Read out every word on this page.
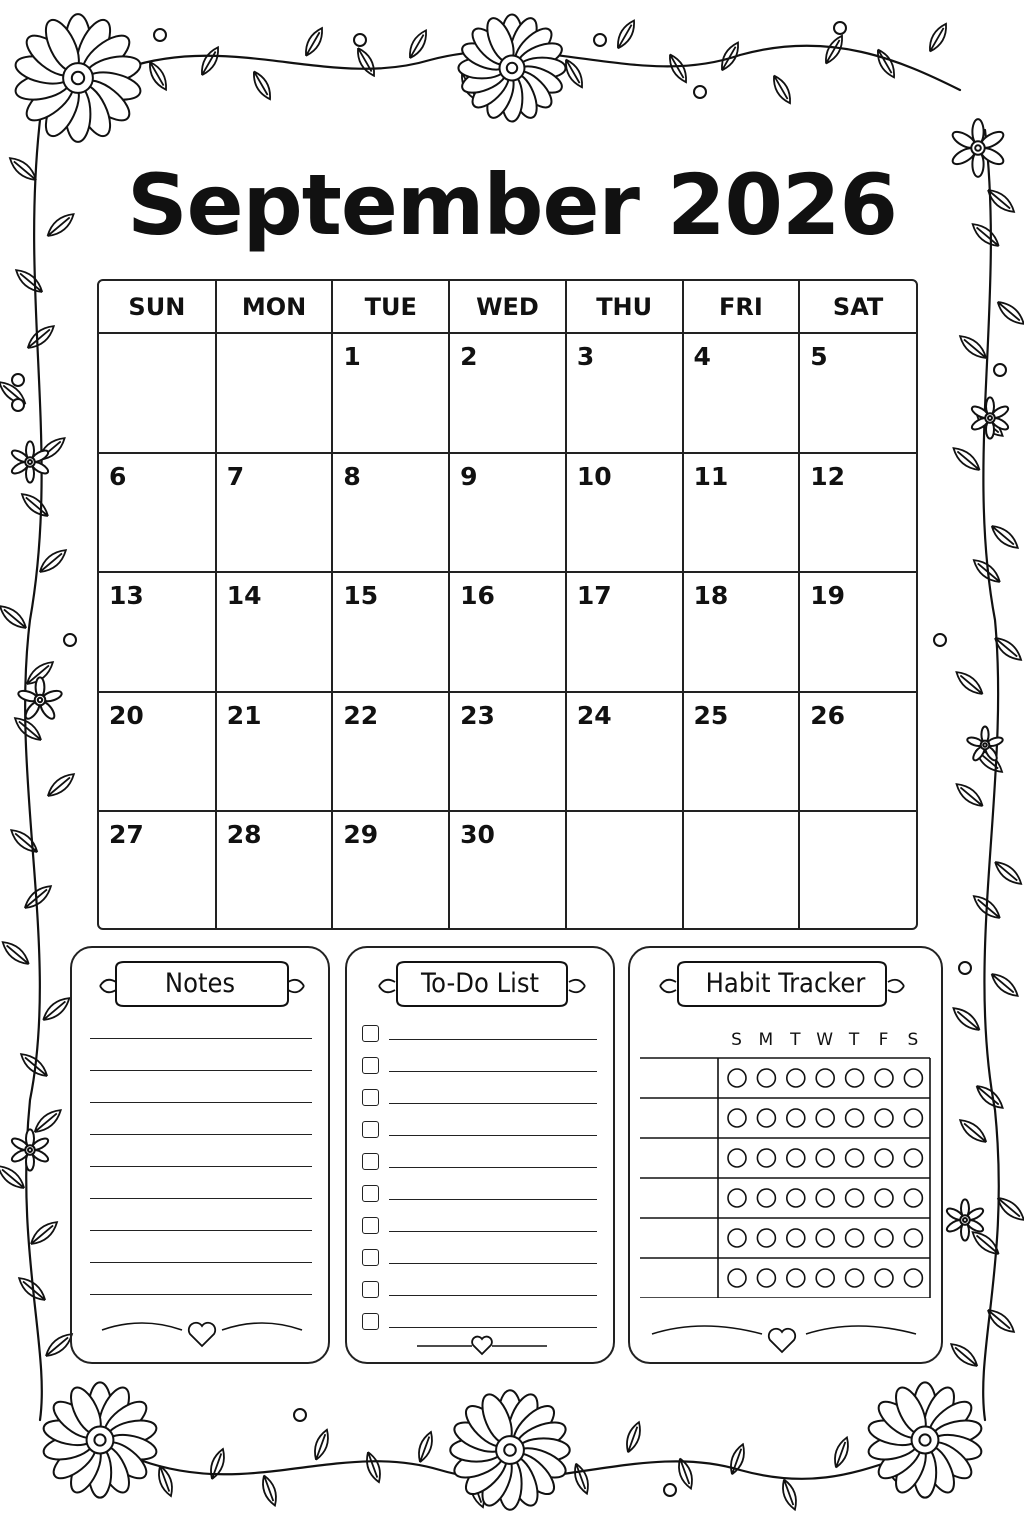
September 2026
SUN	MON	TUE	WED	THU	FRI	SAT
		1	2	3	4	5
6	7	8	9	10	11	12
13	14	15	16	17	18	19
20	21	22	23	24	25	26
27	28	29	30			
Notes	To-Do List	Habit Tracker
S M T W T	F	S
